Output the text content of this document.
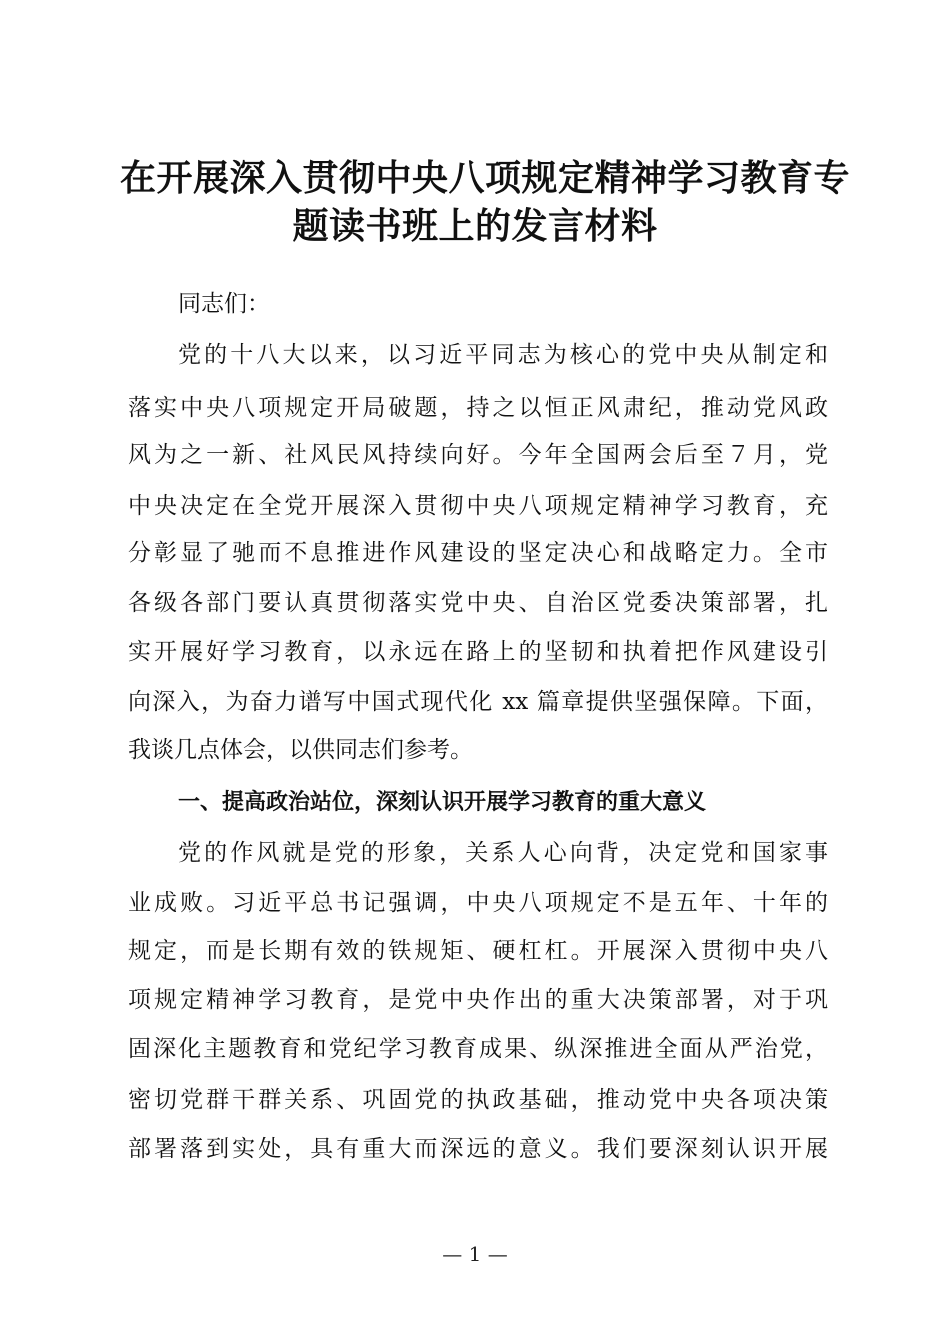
在开展深入贯彻中央八项规定精神学习教育专
题读书班上的发言材料
同志们：
党的十八大以来，以习近平同志为核心的党中央从制定和
落实中央八项规定开局破题，持之以恒正风肃纪，推动党风政
风为之一新、社风民风持续向好。今年全国两会后至７月，党
中央决定在全党开展深入贯彻中央八项规定精神学习教育，充
分彰显了驰而不息推进作风建设的坚定决心和战略定力。全市
各级各部门要认真贯彻落实党中央、自治区党委决策部署，扎
实开展好学习教育，以永远在路上的坚韧和执着把作风建设引
向深入，为奋力谱写中国式现代化 xx 篇章提供坚强保障。下面，
我谈几点体会，以供同志们参考。
一、提高政治站位，深刻认识开展学习教育的重大意义
党的作风就是党的形象，关系人心向背，决定党和国家事
业成败。习近平总书记强调，中央八项规定不是五年、十年的
规定，而是长期有效的铁规矩、硬杠杠。开展深入贯彻中央八
项规定精神学习教育，是党中央作出的重大决策部署，对于巩
固深化主题教育和党纪学习教育成果、纵深推进全面从严治党，
密切党群干群关系、巩固党的执政基础，推动党中央各项决策
部署落到实处，具有重大而深远的意义。我们要深刻认识开展
— 1 —
